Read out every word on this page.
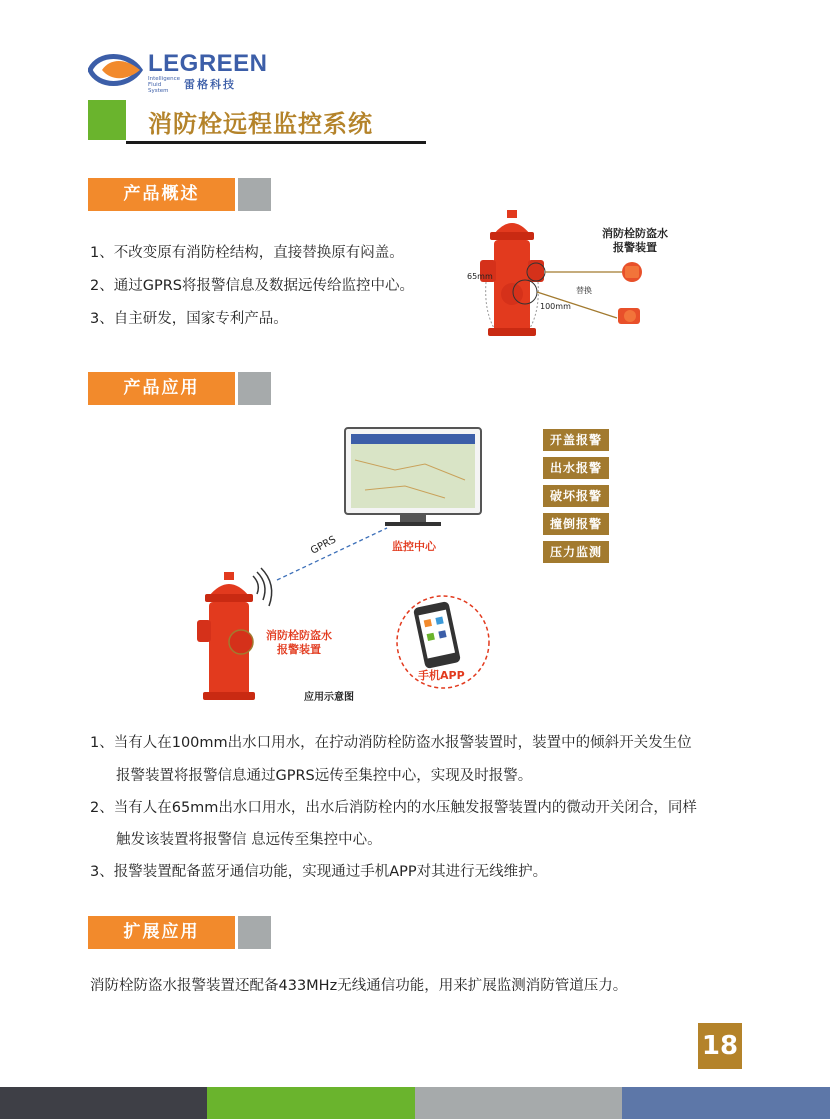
LEGREEN
Intelligence Fluid System	雷格科技
消防栓远程监控系统
产品概述
1、不改变原有消防栓结构，直接替换原有闷盖。
2、通过GPRS将报警信息及数据远传给监控中心。
3、自主研发，国家专利产品。
消防栓防盗水
报警装置
65mm
100mm
替换
产品应用
GPRS	监控中心
消防栓防盗水
报警装置
手机APP
应用示意图
开盖报警
出水报警
破坏报警
撞倒报警
压力监测
1、当有人在100mm出水口用水，在拧动消防栓防盗水报警装置时，装置中的倾斜开关发生位
报警装置将报警信息通过GPRS远传至集控中心，实现及时报警。
2、当有人在65mm出水口用水，出水后消防栓内的水压触发报警装置内的微动开关闭合，同样
触发该装置将报警信 息远传至集控中心。
3、报警装置配备蓝牙通信功能，实现通过手机APP对其进行无线维护。
扩展应用
消防栓防盗水报警装置还配备433MHz无线通信功能，用来扩展监测消防管道压力。
18
